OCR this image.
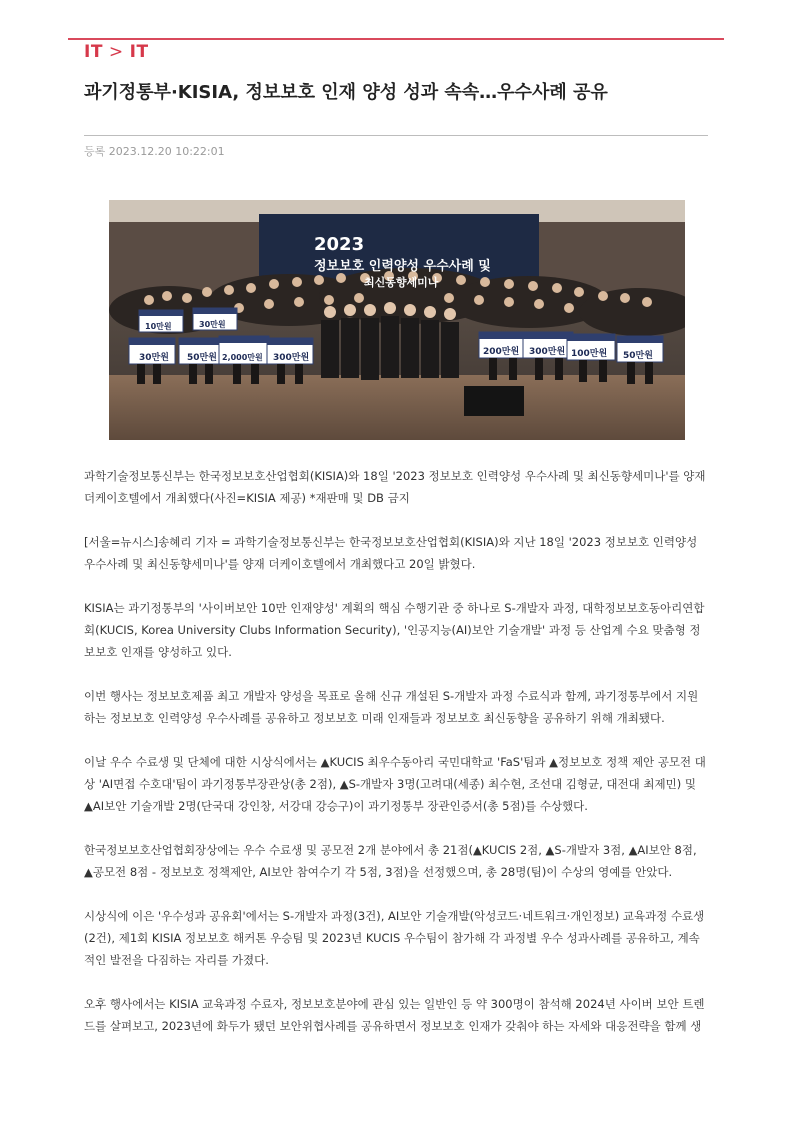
IT > IT
과기정통부·KISIA, 정보보호 인재 양성 성과 속속…우수사례 공유
등록 2023.12.20 10:22:01
2023
정보보호 인력양성 우수사례 및
최신동향세미나
10만원	30만원
30만원 50만원 2,000만원 300만원
200만원 300만원 100만원 50만원

과학기술정보통신부는 한국정보보호산업협회(KISIA)와 18일 '2023 정보보호 인력양성 우수사례 및 최신동향세미나'를 양재 더케이호텔에서 개최했다(사진=KISIA 제공) *재판매 및 DB 금지

[서울=뉴시스]송혜리 기자 = 과학기술정보통신부는 한국정보보호산업협회(KISIA)와 지난 18일 '2023 정보보호 인력양성 우수사례 및 최신동향세미나'를 양재 더케이호텔에서 개최했다고 20일 밝혔다.

KISIA는 과기정통부의 '사이버보안 10만 인재양성' 계획의 핵심 수행기관 중 하나로 S-개발자 과정, 대학정보보호동아리연합회(KUCIS, Korea University Clubs Information Security), '인공지능(AI)보안 기술개발' 과정 등 산업계 수요 맞춤형 정보보호 인재를 양성하고 있다.

이번 행사는 정보보호제품 최고 개발자 양성을 목표로 올해 신규 개설된 S-개발자 과정 수료식과 함께, 과기정통부에서 지원하는 정보보호 인력양성 우수사례를 공유하고 정보보호 미래 인재들과 정보보호 최신동향을 공유하기 위해 개최됐다.

이날 우수 수료생 및 단체에 대한 시상식에서는 ▲KUCIS 최우수동아리 국민대학교 'FaS'팀과 ▲정보보호 정책 제안 공모전 대상 'AI면접 수호대'팀이 과기정통부장관상(총 2점), ▲S-개발자 3명(고려대(세종) 최수현, 조선대 김형균, 대전대 최제민) 및 ▲AI보안 기술개발 2명(단국대 강인창, 서강대 강승구)이 과기정통부 장관인증서(총 5점)를 수상했다.

한국정보보호산업협회장상에는 우수 수료생 및 공모전 2개 분야에서 총 21점(▲KUCIS 2점, ▲S-개발자 3점, ▲AI보안 8점, ▲공모전 8점 - 정보보호 정책제안, AI보안 참여수기 각 5점, 3점)을 선정했으며, 총 28명(팀)이 수상의 영예를 안았다.

시상식에 이은 '우수성과 공유회'에서는 S-개발자 과정(3건), AI보안 기술개발(악성코드·네트워크·개인정보) 교육과정 수료생(2건), 제1회 KISIA 정보보호 해커톤 우승팀 및 2023년 KUCIS 우수팀이 참가해 각 과정별 우수 성과사례를 공유하고, 계속적인 발전을 다짐하는 자리를 가졌다.

오후 행사에서는 KISIA 교육과정 수료자, 정보보호분야에 관심 있는 일반인 등 약 300명이 참석해 2024년 사이버 보안 트렌드를 살펴보고, 2023년에 화두가 됐던 보안위협사례를 공유하면서 정보보호 인재가 갖춰야 하는 자세와 대응전략을 함께 생
